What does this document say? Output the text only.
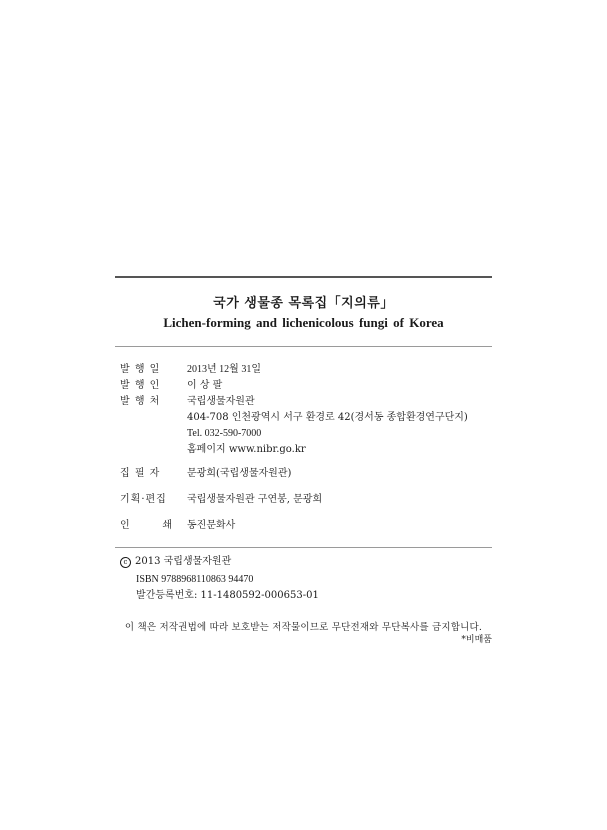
국가 생물종 목록집「지의류」
Lichen-forming and lichenicolous fungi of Korea
발 행 일	2013년 12월 31일
발 행 인	이 상 팔
발 행 처	국립생물자원관
404-708 인천광역시 서구 환경로 42(경서동 종합환경연구단지)
Tel. 032-590-7000
홈페이지 www.nibr.go.kr
집 필 자	문광희(국립생물자원관)
기획·편집	국립생물자원관 구연봉, 문광희
인    쇄	동진문화사
c 2013 국립생물자원관
ISBN 9788968110863 94470
발간등록번호: 11-1480592-000653-01
이 책은 저작권법에 따라 보호받는 저작물이므로 무단전재와 무단복사를 금지합니다.
*비매품
